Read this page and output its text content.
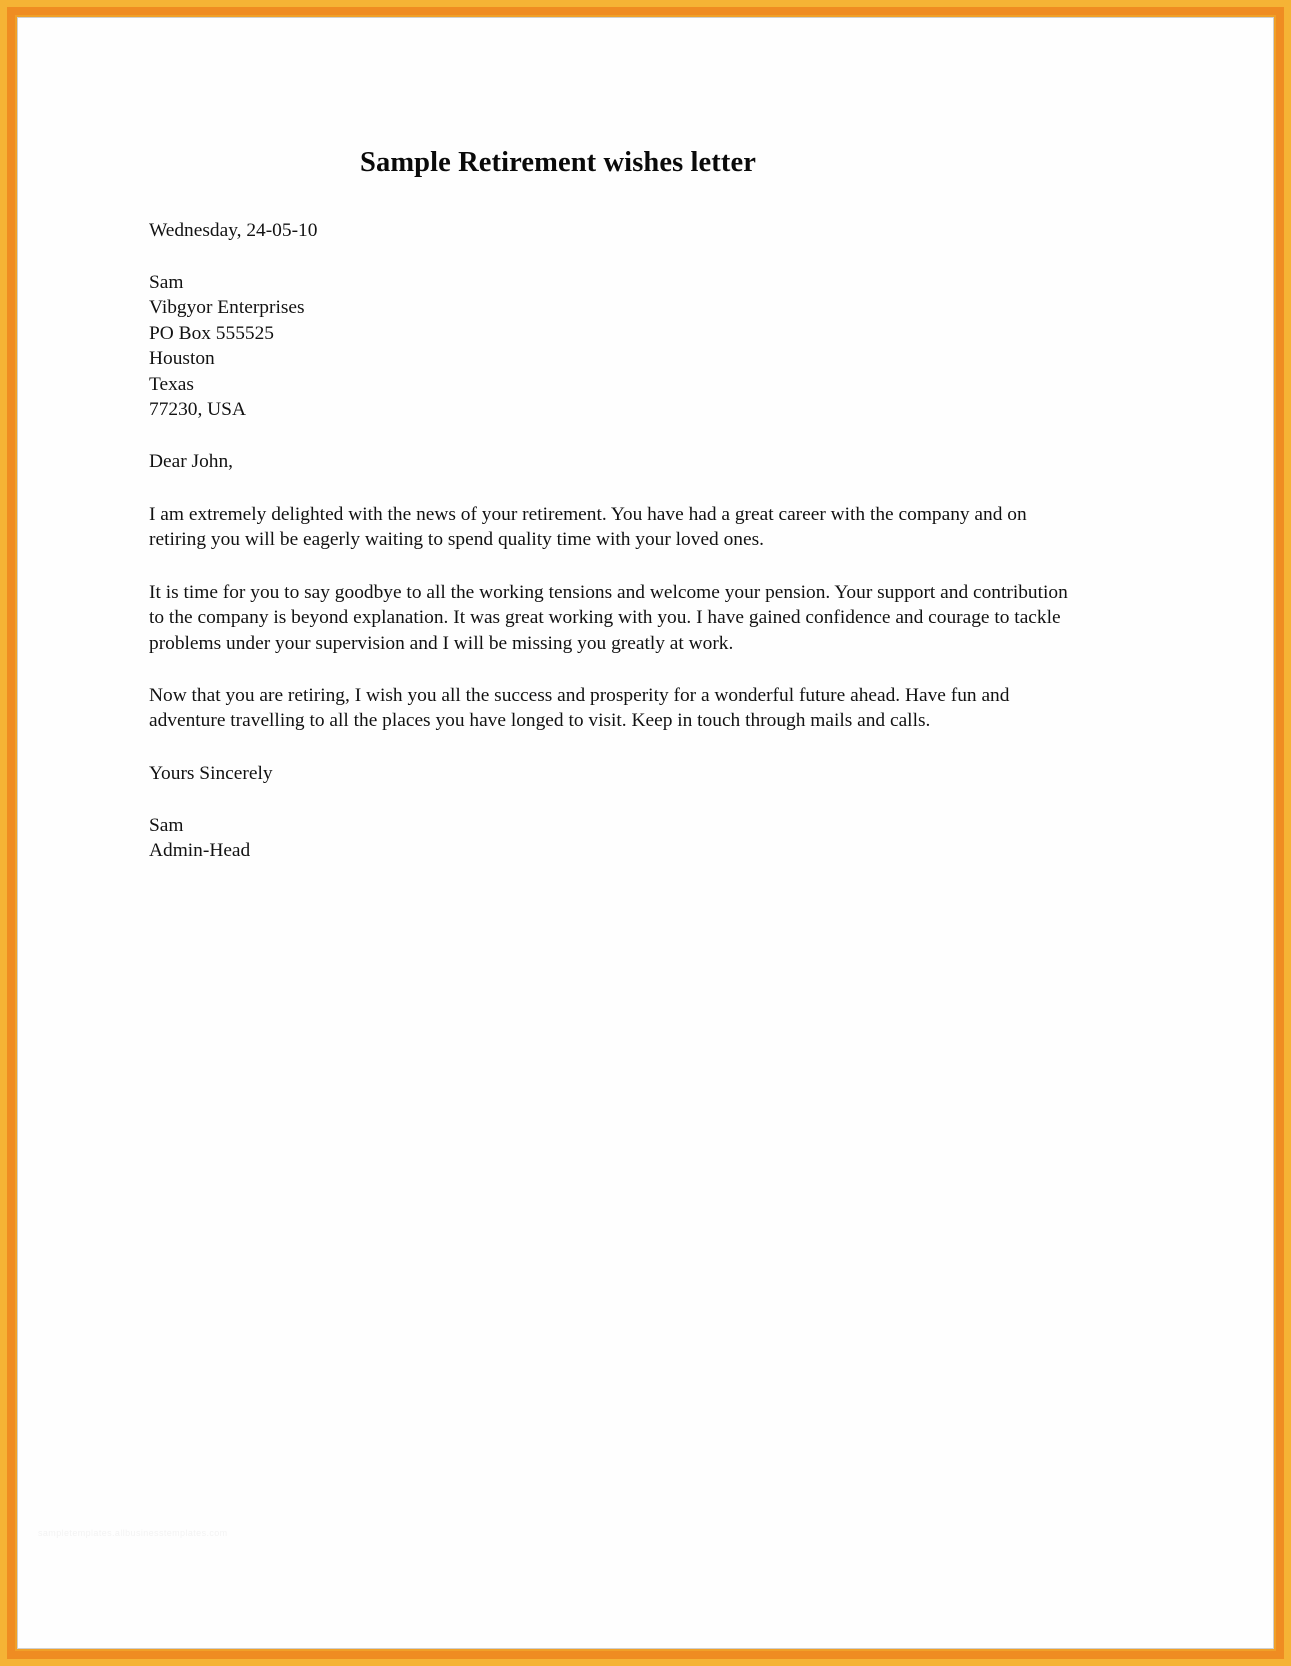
Sample Retirement wishes letter
Wednesday, 24-05-10
Sam
Vibgyor Enterprises
PO Box 555525
Houston
Texas
77230, USA
Dear John,
I am extremely delighted with the news of your retirement. You have had a great career with the company and on retiring you will be eagerly waiting to spend quality time with your loved ones.
It is time for you to say goodbye to all the working tensions and welcome your pension. Your support and contribution to the company is beyond explanation. It was great working with you. I have gained confidence and courage to tackle problems under your supervision and I will be missing you greatly at work.
Now that you are retiring, I wish you all the success and prosperity for a wonderful future ahead. Have fun and adventure travelling to all the places you have longed to visit. Keep in touch through mails and calls.
Yours Sincerely
Sam
Admin-Head
sampletemplates.allbusinesstemplates.com
